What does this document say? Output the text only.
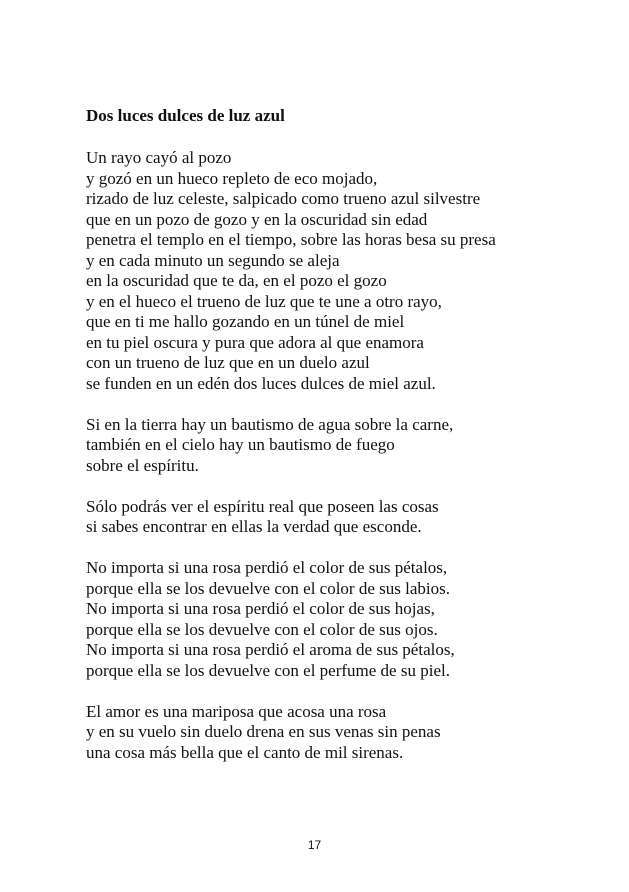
Dos luces dulces de luz azul

Un rayo cayó al pozo
y gozó en un hueco repleto de eco mojado,
rizado de luz celeste, salpicado como trueno azul silvestre
que en un pozo de gozo y en la oscuridad sin edad
penetra el templo en el tiempo, sobre las horas besa su presa
y en cada minuto un segundo se aleja
en la oscuridad que te da, en el pozo el gozo
y en el hueco el trueno de luz que te une a otro rayo,
que en ti me hallo gozando en un túnel de miel
en tu piel oscura y pura que adora al que enamora
con un trueno de luz que en un duelo azul
se funden en un edén dos luces dulces de miel azul.

Si en la tierra hay un bautismo de agua sobre la carne,
también en el cielo hay un bautismo de fuego
sobre el espíritu.

Sólo podrás ver el espíritu real que poseen las cosas
si sabes encontrar en ellas la verdad que esconde.

No importa si una rosa perdió el color de sus pétalos,
porque ella se los devuelve con el color de sus labios.
No importa si una rosa perdió el color de sus hojas,
porque ella se los devuelve con el color de sus ojos.
No importa si una rosa perdió el aroma de sus pétalos,
porque ella se los devuelve con el perfume de su piel.

El amor es una mariposa que acosa una rosa
y en su vuelo sin duelo drena en sus venas sin penas
una cosa más bella que el canto de mil sirenas.

17
